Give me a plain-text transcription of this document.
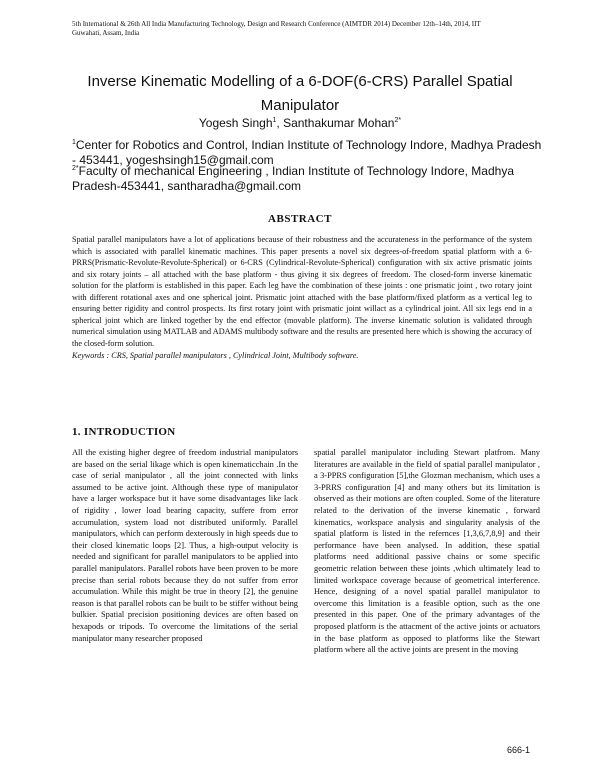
5th International & 26th All India Manufacturing Technology, Design and Research Conference (AIMTDR 2014) December 12th–14th, 2014, IIT
Guwahati, Assam, India
Inverse Kinematic Modelling of a 6-DOF(6-CRS) Parallel Spatial Manipulator
Yogesh Singh$^1$, Santhakumar Mohan$^{2*}$
$^1$Center for Robotics and Control, Indian Institute of Technology Indore, Madhya Pradesh - 453441, yogeshsingh15@gmail.com
$^{2*}$Faculty of mechanical Engineering , Indian Institute of Technology Indore, Madhya Pradesh-453441, santharadha@gmail.com
ABSTRACT

Spatial parallel manipulators have a lot of applications because of their robustness and the accurateness in the performance of the system which is associated with parallel kinematic machines. This paper presents a novel six degrees-of-freedom spatial platform with a 6-PRRS(Prismatic-Revolute-Revolute-Spherical) or 6-CRS (Cylindrical-Revolute-Spherical) configuration with six active prismatic joints and six rotary joints – all attached with the base platform - thus giving it six degrees of freedom. The closed-form inverse kinematic solution for the platform is established in this paper. Each leg have the combination of these joints : one prismatic joint , two rotary joint with different rotational axes and one spherical joint. Prismatic joint attached with the base platform/fixed platform as a vertical leg to ensuring better rigidity and control prospects. Its first rotary joint with prismatic joint willact as a cylindrical joint. All six legs end in a spherical joint which are linked together by the end effector (movable platform). The inverse kinematic solution is validated through numerical simulation using MATLAB and ADAMS multibody software and the results are presented here which is showing the accuracy of the closed-form solution.

Keywords : CRS, Spatial parallel manipulators , Cylindrical Joint, Multibody software.
1. INTRODUCTION

All the existing higher degree of freedom industrial manipulators are based on the serial likage which is open kinematicchain .In the case of serial manipulator , all the joint connected with links assumed to be active joint. Although these type of manipulator have a larger workspace but it have some disadvantages like lack of rigidity , lower load bearing capacity, suffere from error accumulation, system load not distributed uniformly. Parallel manipulators, which can perform dexterously in high speeds due to their closed kinematic loops [2]. Thus, a high-output velocity is needed and significant for parallel manipulators to be applied into parallel manipulators. Parallel robots have been proven to be more precise than serial robots because they do not suffer from error accumulation. While this might be true in theory [2], the genuine reason is that parallel robots can be built to be stiffer without being bulkier. Spatial precision positioning devices are often based on hexapods or tripods. To overcome the limitations of the serial manipulator many researcher proposed

spatial parallel manipulator including Stewart platfrom. Many literatures are available in the field of spatial parallel manipulator , a 3-PPRS configuration [5],the Glozman mechanism, which uses a 3-PRRS configuration [4] and many others but its limitation is observed as their motions are often coupled. Some of the literature related to the derivation of the inverse kinematic , forward kinematics, workspace analysis and singularity analysis of the spatial platform is listed in the refernces [1,3,6,7,8,9] and their performance have been analysed. In addition, these spatial platforms need additional passive chains or some specific geometric relation between these joints ,which ultimately lead to limited workspace coverage because of geometrical interference. Hence, designing of a novel spatial parallel manipulator to overcome this limitation is a feasible option, such as the one presented in this paper. One of the primary advantages of the proposed platform is the attacment of the active joints or actuators in the base platform as opposed to platforms like the Stewart platform where all the active joints are present in the moving

666-1
